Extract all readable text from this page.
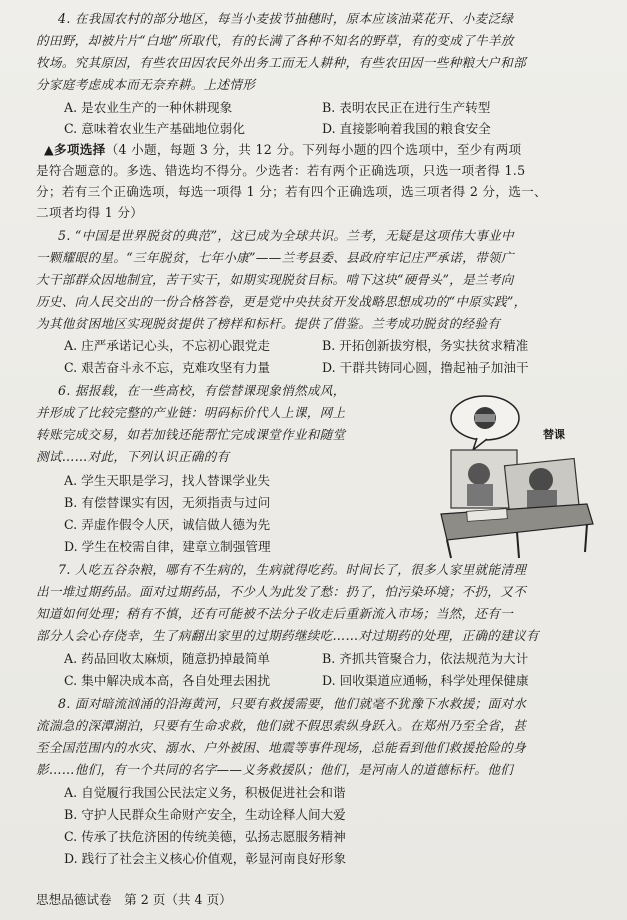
4. 在我国农村的部分地区，每当小麦拔节抽穗时，原本应该油菜花开、小麦泛绿
的田野，却被片片“白地”所取代，有的长满了各种不知名的野草，有的变成了牛羊放
牧场。究其原因，有些农田因农民外出务工而无人耕种，有些农田因一些种粮大户和部
分家庭考虑成本而无奈弃耕。上述情形
A. 是农业生产的一种休耕现象	B. 表明农民正在进行生产转型
C. 意味着农业生产基础地位弱化	D. 直接影响着我国的粮食安全
▲多项选择（4 小题，每题 3 分，共 12 分。下列每小题的四个选项中，至少有两项
是符合题意的。多选、错选均不得分。少选者：若有两个正确选项，只选一项者得 1.5
分；若有三个正确选项，每选一项得 1 分；若有四个正确选项，选三项者得 2 分，选一、
二项者均得 1 分）
5. “中国是世界脱贫的典范”，这已成为全球共识。兰考，无疑是这项伟大事业中
一颗耀眼的星。“三年脱贫，七年小康”——兰考县委、县政府牢记庄严承诺，带领广
大干部群众因地制宜，苦干实干，如期实现脱贫目标。啃下这块“硬骨头”，是兰考向
历史、向人民交出的一份合格答卷，更是党中央扶贫开发战略思想成功的“中原实践”，
为其他贫困地区实现脱贫提供了榜样和标杆。提供了借鉴。兰考成功脱贫的经验有
A. 庄严承诺记心头，不忘初心跟党走	B. 开拓创新拔穷根，务实扶贫求精准
C. 艰苦奋斗永不忘，克难攻坚有力量	D. 干群共铸同心圆，撸起袖子加油干
6. 据报载，在一些高校，有偿替课现象悄然成风，
并形成了比较完整的产业链：明码标价代人上课，网上
转账完成交易，如若加钱还能帮忙完成课堂作业和随堂
测试……对此，下列认识正确的有
A. 学生天职是学习，找人替课学业失
B. 有偿替课实有因，无须指责与过问
C. 弄虚作假令人厌，诚信做人德为先
D. 学生在校需自律，建章立制强管理
替课
7. 人吃五谷杂粮，哪有不生病的，生病就得吃药。时间长了，很多人家里就能清理
出一堆过期药品。面对过期药品，不少人为此发了愁：扔了，怕污染环境；不扔，又不
知道如何处理；稍有不慎，还有可能被不法分子收走后重新流入市场；当然，还有一
部分人会心存侥幸，生了病翻出家里的过期药继续吃……对过期药的处理，正确的建议有
A. 药品回收太麻烦，随意扔掉最简单	B. 齐抓共管聚合力，依法规范为大计
C. 集中解决成本高，各自处理去困扰	D. 回收渠道应通畅，科学处理保健康
8. 面对暗流汹涌的沿海黄河，只要有救援需要，他们就毫不犹豫下水救援；面对水
流湍急的深潭湖泊，只要有生命求救，他们就不假思索纵身跃入。在郑州乃至全省，甚
至全国范围内的水灾、溺水、户外被困、地震等事件现场，总能看到他们救援抢险的身
影……他们，有一个共同的名字——义务救援队；他们，是河南人的道德标杆。他们
A. 自觉履行我国公民法定义务，积极促进社会和谐
B. 守护人民群众生命财产安全，生动诠释人间大爱
C. 传承了扶危济困的传统美德，弘扬志愿服务精神
D. 践行了社会主义核心价值观，彰显河南良好形象
思想品德试卷　第 2 页（共 4 页）
